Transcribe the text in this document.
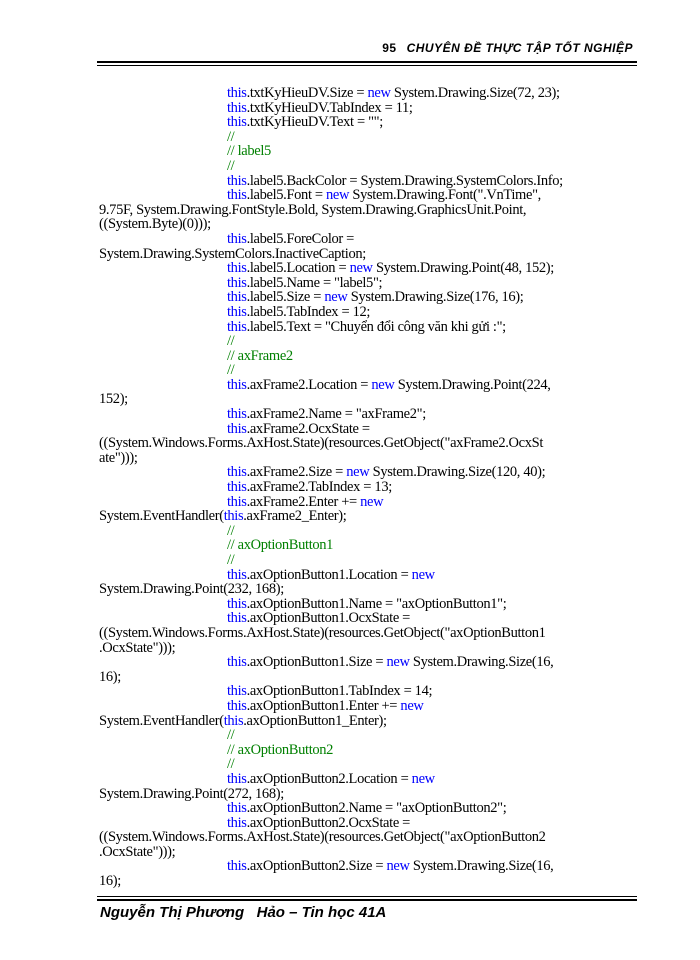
95 CHUYÊN ĐỀ THỰC TẬP TỐT NGHIỆP
this.txtKyHieuDV.Size = new System.Drawing.Size(72, 23);
this.txtKyHieuDV.TabIndex = 11;
this.txtKyHieuDV.Text = "";
//
// label5
//
this.label5.BackColor = System.Drawing.SystemColors.Info;
this.label5.Font = new System.Drawing.Font(".VnTime",
9.75F, System.Drawing.FontStyle.Bold, System.Drawing.GraphicsUnit.Point,
((System.Byte)(0)));
this.label5.ForeColor =
System.Drawing.SystemColors.InactiveCaption;
this.label5.Location = new System.Drawing.Point(48, 152);
this.label5.Name = "label5";
this.label5.Size = new System.Drawing.Size(176, 16);
this.label5.TabIndex = 12;
this.label5.Text = "Chuyển đổi công văn khi gửi :";
//
// axFrame2
//
this.axFrame2.Location = new System.Drawing.Point(224,
152);
this.axFrame2.Name = "axFrame2";
this.axFrame2.OcxState =
((System.Windows.Forms.AxHost.State)(resources.GetObject("axFrame2.OcxSt
ate")));
this.axFrame2.Size = new System.Drawing.Size(120, 40);
this.axFrame2.TabIndex = 13;
this.axFrame2.Enter += new
System.EventHandler(this.axFrame2_Enter);
//
// axOptionButton1
//
this.axOptionButton1.Location = new
System.Drawing.Point(232, 168);
this.axOptionButton1.Name = "axOptionButton1";
this.axOptionButton1.OcxState =
((System.Windows.Forms.AxHost.State)(resources.GetObject("axOptionButton1
.OcxState")));
this.axOptionButton1.Size = new System.Drawing.Size(16,
16);
this.axOptionButton1.TabIndex = 14;
this.axOptionButton1.Enter += new
System.EventHandler(this.axOptionButton1_Enter);
//
// axOptionButton2
//
this.axOptionButton2.Location = new
System.Drawing.Point(272, 168);
this.axOptionButton2.Name = "axOptionButton2";
this.axOptionButton2.OcxState =
((System.Windows.Forms.AxHost.State)(resources.GetObject("axOptionButton2
.OcxState")));
this.axOptionButton2.Size = new System.Drawing.Size(16,
16);
Nguyễn Thị Phương   Hảo – Tin học 41A
